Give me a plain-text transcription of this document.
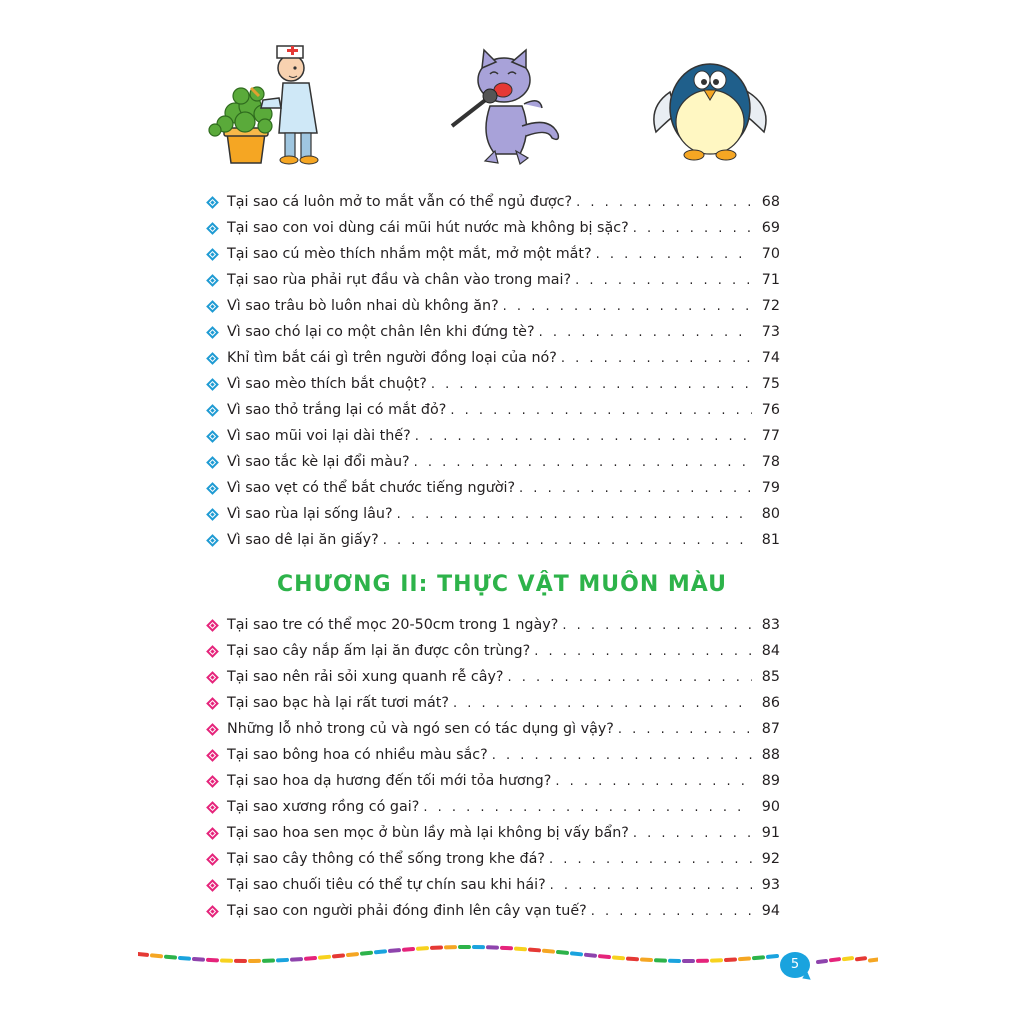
Tại sao cá luôn mở to mắt vẫn có thể ngủ được? . . .	68
Tại sao con voi dùng cái mũi hút nước mà không bị sặc? . . .	69
Tại sao cú mèo thích nhắm một mắt, mở một mắt? . . .	70
Tại sao rùa phải rụt đầu và chân vào trong mai? . . .	71
Vì sao trâu bò luôn nhai dù không ăn? . . .	72
Vì sao chó lại co một chân lên khi đứng tè? . . .	73
Khỉ tìm bắt cái gì trên người đồng loại của nó? . . .	74
Vì sao mèo thích bắt chuột? . . .	75
Vì sao thỏ trắng lại có mắt đỏ? . . .	76
Vì sao mũi voi lại dài thế? . . .	77
Vì sao tắc kè lại đổi màu? . . .	78
Vì sao vẹt có thể bắt chước tiếng người? . . .	79
Vì sao rùa lại sống lâu? . . .	80
Vì sao dê lại ăn giấy? . . .	81
CHƯƠNG II: THỰC VẬT MUÔN MÀU
Tại sao tre có thể mọc 20-50cm trong 1 ngày? . . .	83
Tại sao cây nắp ấm lại ăn được côn trùng? . . .	84
Tại sao nên rải sỏi xung quanh rễ cây? . . .	85
Tại sao bạc hà lại rất tươi mát? . . .	86
Những lỗ nhỏ trong củ và ngó sen có tác dụng gì vậy? . . .	87
Tại sao bông hoa có nhiều màu sắc? . . .	88
Tại sao hoa dạ hương đến tối mới tỏa hương? . . .	89
Tại sao xương rồng có gai? . . .	90
Tại sao hoa sen mọc ở bùn lầy mà lại không bị vấy bẩn? . . .	91
Tại sao cây thông có thể sống trong khe đá? . . .	92
Tại sao chuối tiêu có thể tự chín sau khi hái? . . .	93
Tại sao con người phải đóng đinh lên cây vạn tuế? . . .	94
5
